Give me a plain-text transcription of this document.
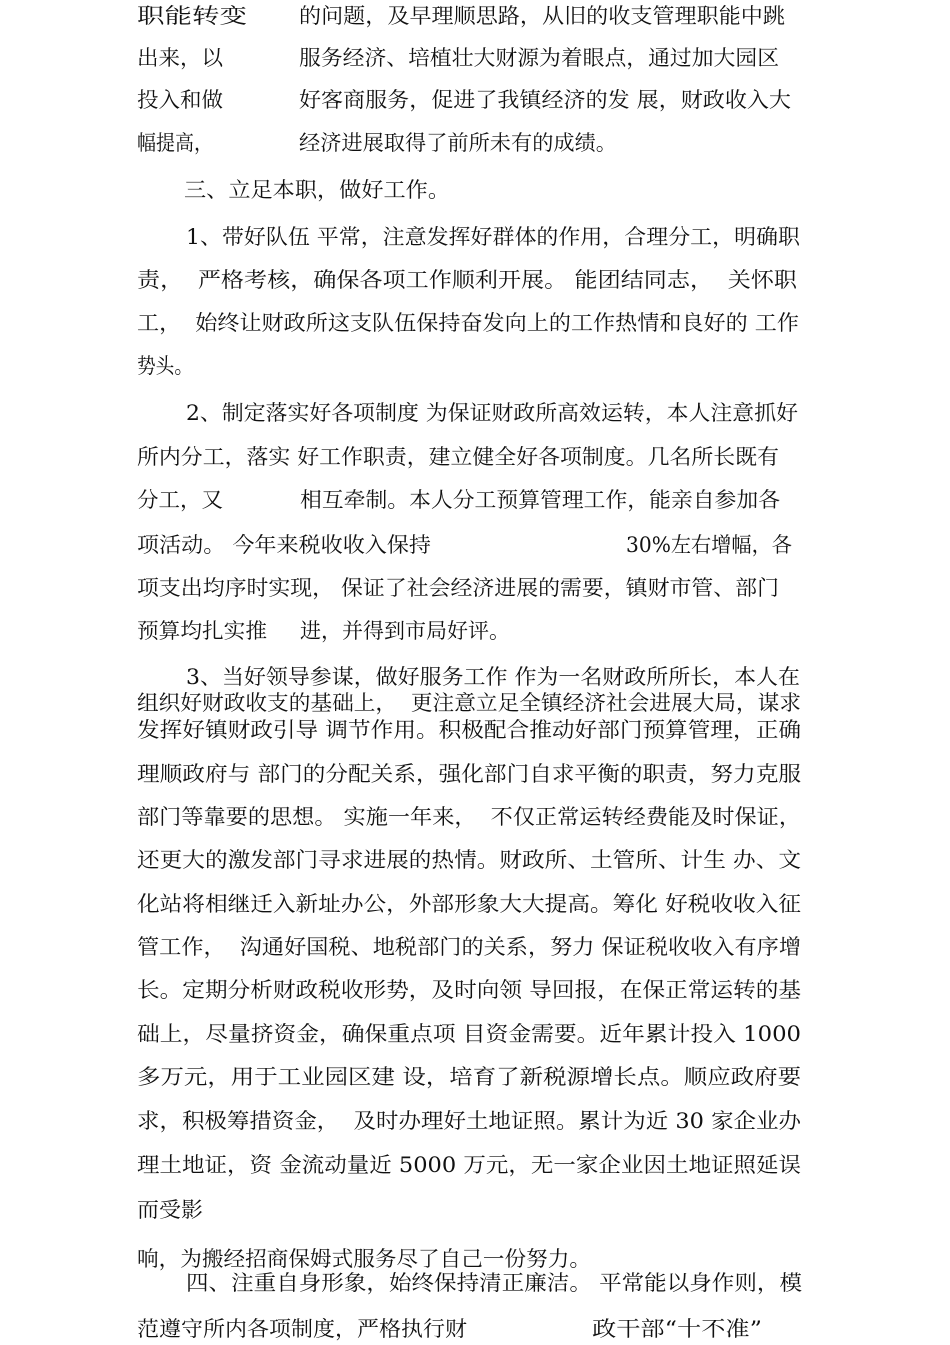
职能转变 的问题，及早理顺思路，从旧的收支管理职能中跳
出来，以	服务经济、培植壮大财源为着眼点，通过加大园区
投入和做	好客商服务，促进了我镇经济的发 展，财政收入大
幅提高，	经济进展取得了前所未有的成绩。
三、立足本职，做好工作。
1、带好队伍 平常，注意发挥好群体的作用，合理分工，明确职
责，  严格考核，确保各项工作顺利开展。 能团结同志，  关怀职
工，  始终让财政所这支队伍保持奋发向上的工作热情和良好的 工作
势头。
2、制定落实好各项制度 为保证财政所高效运转，本人注意抓好
所内分工，落实 好工作职责，建立健全好各项制度。几名所长既有
分工，又	相互牵制。本人分工预算管理工作，能亲自参加各
项活动。 今年来税收收入保持	30%左右增幅，各
项支出均序时实现， 保证了社会经济进展的需要，镇财市管、部门
预算均扎实推 进，并得到市局好评。
3、当好领导参谋，做好服务工作 作为一名财政所所长，本人在
组织好财政收支的基础上，  更注意立足全镇经济社会进展大局，谋求
发挥好镇财政引导 调节作用。积极配合推动好部门预算管理，正确
理顺政府与 部门的分配关系，强化部门自求平衡的职责，努力克服
部门等靠要的思想。 实施一年来，  不仅正常运转经费能及时保证，
还更大的激发部门寻求进展的热情。财政所、土管所、计生 办、文
化站将相继迁入新址办公，外部形象大大提高。筹化 好税收收入征
管工作，  沟通好国税、地税部门的关系，努力 保证税收收入有序增
长。定期分析财政税收形势，及时向领 导回报，在保正常运转的基
础上，尽量挤资金，确保重点项 目资金需要。近年累计投入 1000
多万元，用于工业园区建 设，培育了新税源增长点。顺应政府要
求，积极筹措资金，  及时办理好土地证照。累计为近 30 家企业办
理土地证，资 金流动量近 5000 万元，无一家企业因土地证照延误
而受影
响，为搬经招商保姆式服务尽了自己一份努力。
四、注重自身形象，始终保持清正廉洁。 平常能以身作则，模
范遵守所内各项制度，严格执行财	政干部“十不准”
